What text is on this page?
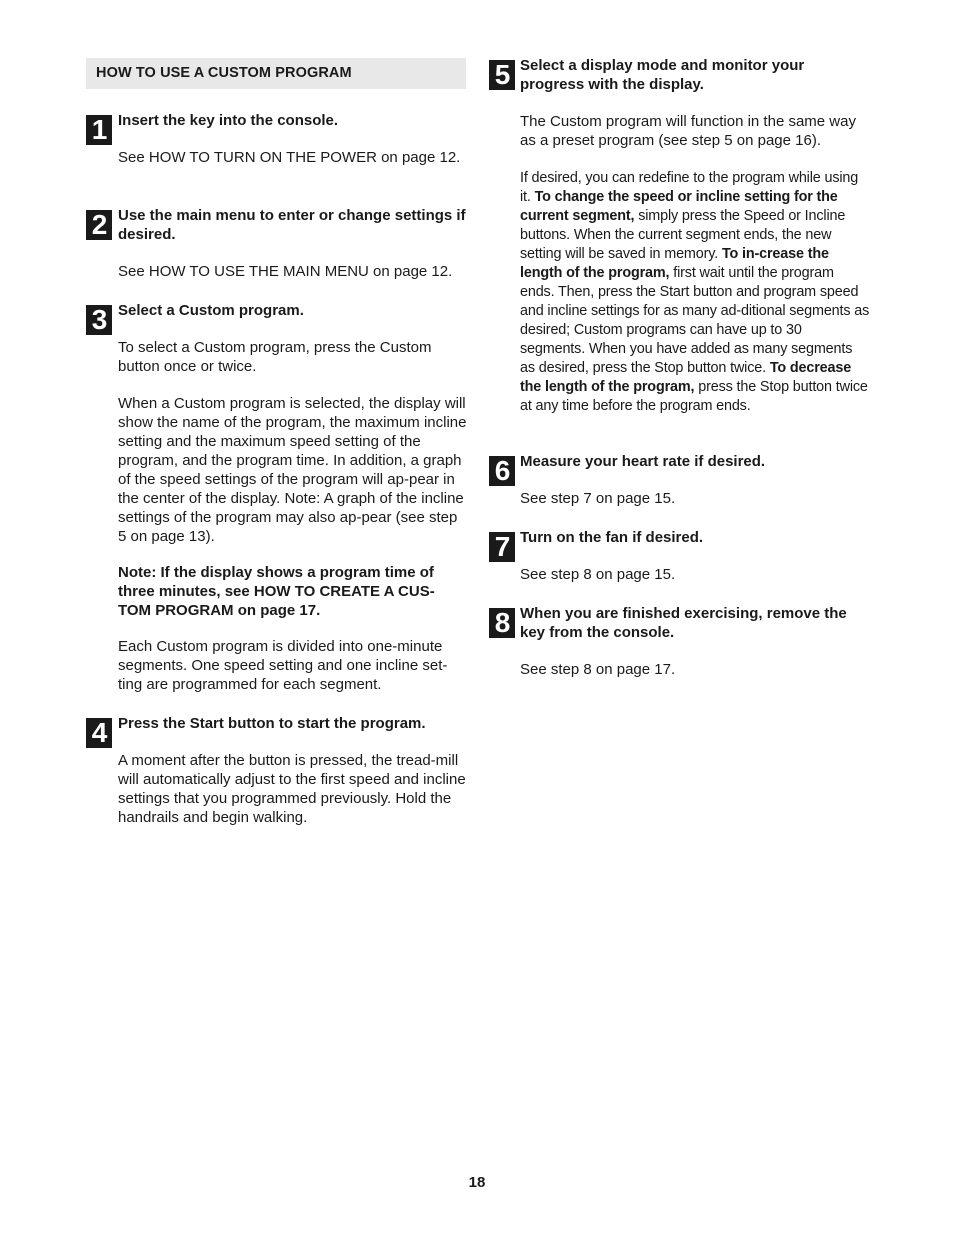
HOW TO USE A CUSTOM PROGRAM
1 Insert the key into the console.

See HOW TO TURN ON THE POWER on page 12.

2 Use the main menu to enter or change settings if desired.

See HOW TO USE THE MAIN MENU on page 12.

3 Select a Custom program.

To select a Custom program, press the Custom button once or twice.

When a Custom program is selected, the display will show the name of the program, the maximum incline setting and the maximum speed setting of the program, and the program time. In addition, a graph of the speed settings of the program will ap-pear in the center of the display. Note: A graph of the incline settings of the program may also ap-pear (see step 5 on page 13).

Note: If the display shows a program time of three minutes, see HOW TO CREATE A CUS-TOM PROGRAM on page 17.

Each Custom program is divided into one-minute segments. One speed setting and one incline set-ting are programmed for each segment.

4 Press the Start button to start the program.

A moment after the button is pressed, the tread-mill will automatically adjust to the first speed and incline settings that you programmed previously. Hold the handrails and begin walking.

5 Select a display mode and monitor your progress with the display.

The Custom program will function in the same way as a preset program (see step 5 on page 16).

If desired, you can redefine to the program while using it. To change the speed or incline setting for the current segment, simply press the Speed or Incline buttons. When the current segment ends, the new setting will be saved in memory. To in-crease the length of the program, first wait until the program ends. Then, press the Start button and program speed and incline settings for as many ad-ditional segments as desired; Custom programs can have up to 30 segments. When you have added as many segments as desired, press the Stop button twice. To decrease the length of the program, press the Stop button twice at any time before the program ends.

6 Measure your heart rate if desired.

See step 7 on page 15.

7 Turn on the fan if desired.

See step 8 on page 15.

8 When you are finished exercising, remove the key from the console.

See step 8 on page 17.

18
